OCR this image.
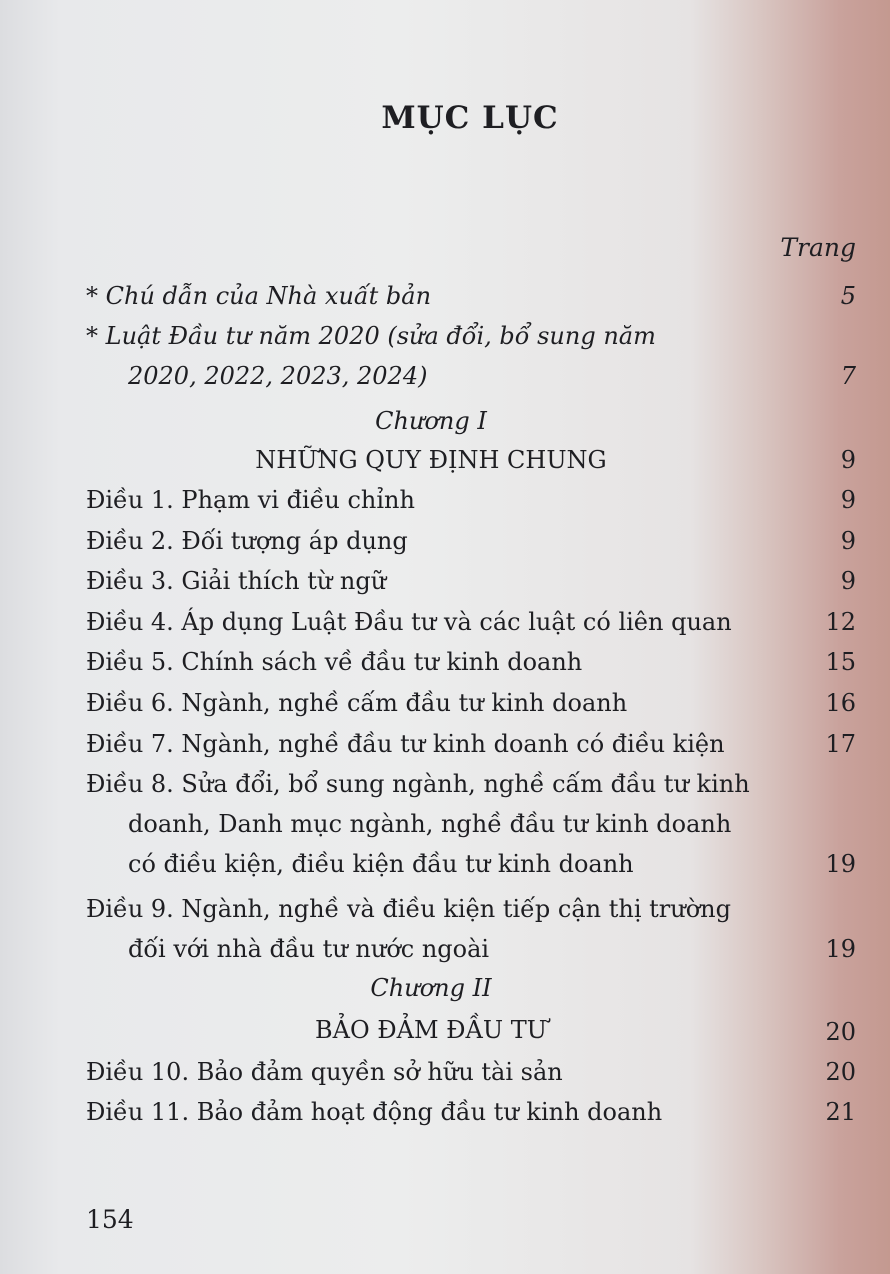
MỤC LỤC
Trang
* Chú dẫn của Nhà xuất bản	5
* Luật Đầu tư năm 2020 (sửa đổi, bổ sung năm
2020, 2022, 2023, 2024)	7
Chương I
NHỮNG QUY ĐỊNH CHUNG	9
Điều 1. Phạm vi điều chỉnh	9
Điều 2. Đối tượng áp dụng	9
Điều 3. Giải thích từ ngữ	9
Điều 4. Áp dụng Luật Đầu tư và các luật có liên quan	12
Điều 5. Chính sách về đầu tư kinh doanh	15
Điều 6. Ngành, nghề cấm đầu tư kinh doanh	16
Điều 7. Ngành, nghề đầu tư kinh doanh có điều kiện	17
Điều 8. Sửa đổi, bổ sung ngành, nghề cấm đầu tư kinh
doanh, Danh mục ngành, nghề đầu tư kinh doanh
có điều kiện, điều kiện đầu tư kinh doanh	19
Điều 9. Ngành, nghề và điều kiện tiếp cận thị trường
đối với nhà đầu tư nước ngoài	19
Chương II
BẢO ĐẢM ĐẦU TƯ	20
Điều 10. Bảo đảm quyền sở hữu tài sản	20
Điều 11. Bảo đảm hoạt động đầu tư kinh doanh	21
154
